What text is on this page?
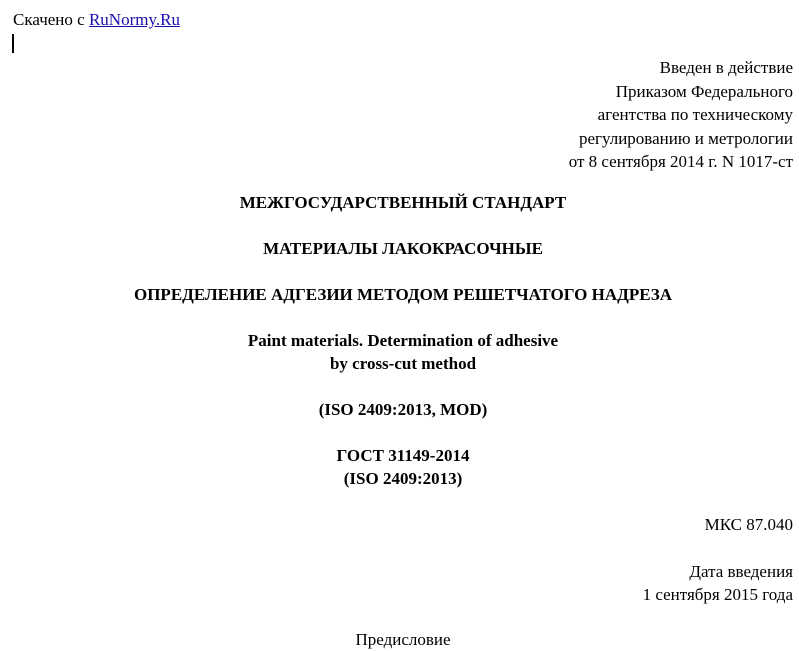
Скачено с RuNormy.Ru
Введен в действие
Приказом Федерального
агентства по техническому
регулированию и метрологии
от 8 сентября 2014 г. N 1017-ст
МЕЖГОСУДАРСТВЕННЫЙ СТАНДАРТ
МАТЕРИАЛЫ ЛАКОКРАСОЧНЫЕ
ОПРЕДЕЛЕНИЕ АДГЕЗИИ МЕТОДОМ РЕШЕТЧАТОГО НАДРЕЗА
Paint materials. Determination of adhesive
by cross-cut method
(ISO 2409:2013, MOD)
ГОСТ 31149-2014
(ISO 2409:2013)
МКС 87.040
Дата введения
1 сентября 2015 года
Предисловие
